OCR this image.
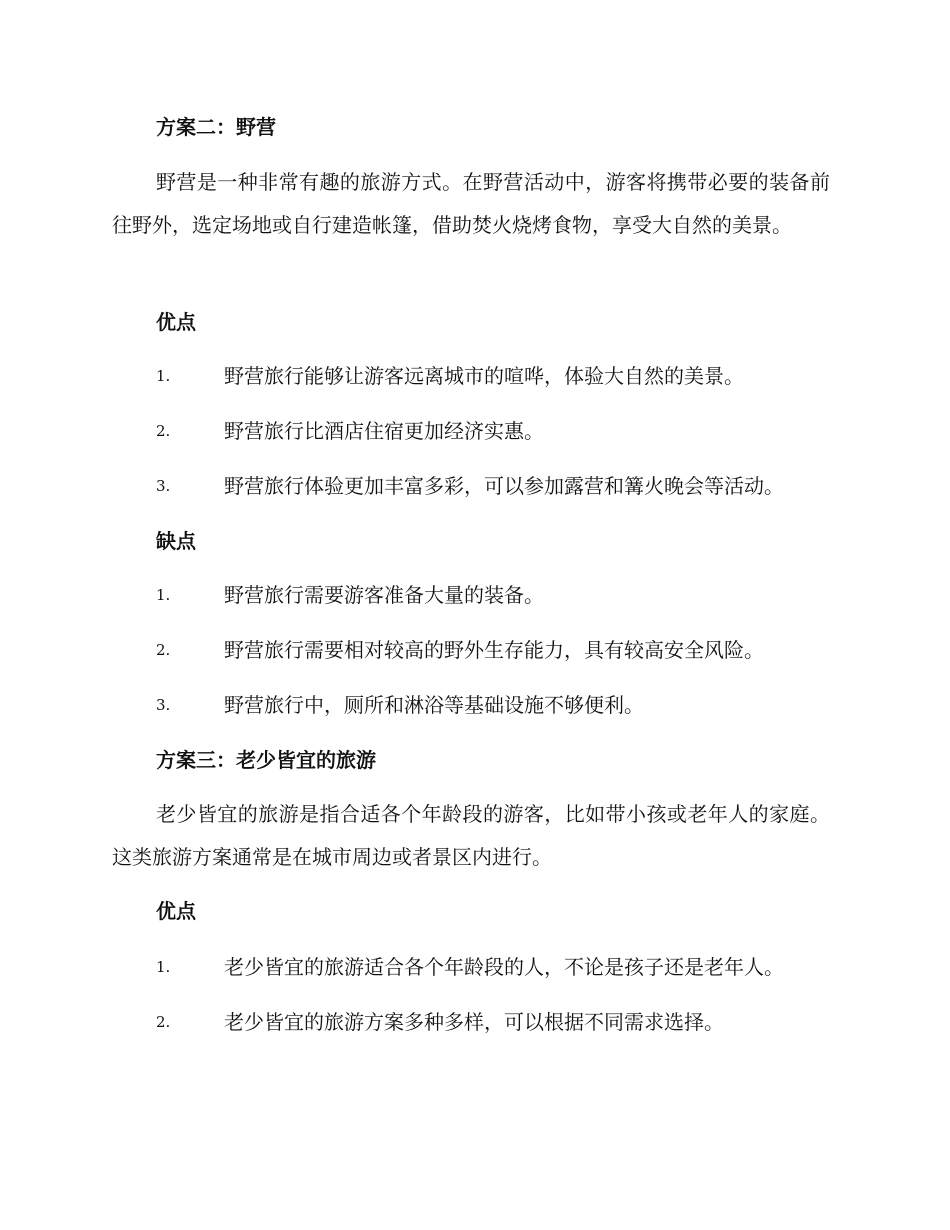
方案二：野营
野营是一种非常有趣的旅游方式。在野营活动中，游客将携带必要的装备前往野外，选定场地或自行建造帐篷，借助焚火烧烤食物，享受大自然的美景。
优点
1.	野营旅行能够让游客远离城市的喧哗，体验大自然的美景。
2.	野营旅行比酒店住宿更加经济实惠。
3.	野营旅行体验更加丰富多彩，可以参加露营和篝火晚会等活动。
缺点
1.	野营旅行需要游客准备大量的装备。
2.	野营旅行需要相对较高的野外生存能力，具有较高安全风险。
3.	野营旅行中，厕所和淋浴等基础设施不够便利。
方案三：老少皆宜的旅游
老少皆宜的旅游是指合适各个年龄段的游客，比如带小孩或老年人的家庭。这类旅游方案通常是在城市周边或者景区内进行。
优点
1.	老少皆宜的旅游适合各个年龄段的人，不论是孩子还是老年人。
2.	老少皆宜的旅游方案多种多样，可以根据不同需求选择。
